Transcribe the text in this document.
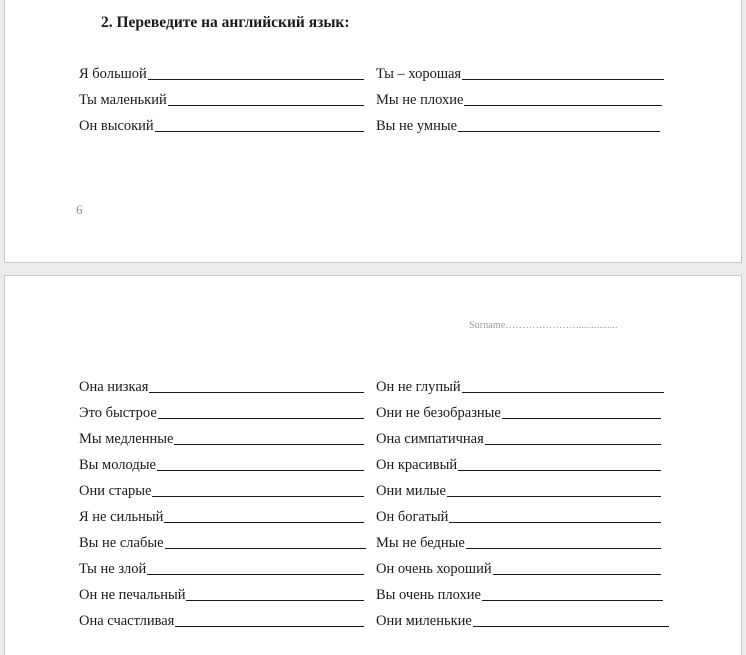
2. Переведите на английский язык:
Я большой
Ты маленький
Он высокий
Ты – хорошая
Мы не плохие
Вы не умные
6
Surname…………………................
Она низкая
Это быстрое
Мы медленные
Вы молодые
Они старые
Я не сильный
Вы не слабые
Ты не злой
Он не печальный
Она счастливая
Он не глупый
Они не безобразные
Она симпатичная
Он красивый
Они милые
Он богатый
Мы не бедные
Он очень хороший
Вы очень плохие
Они миленькие
